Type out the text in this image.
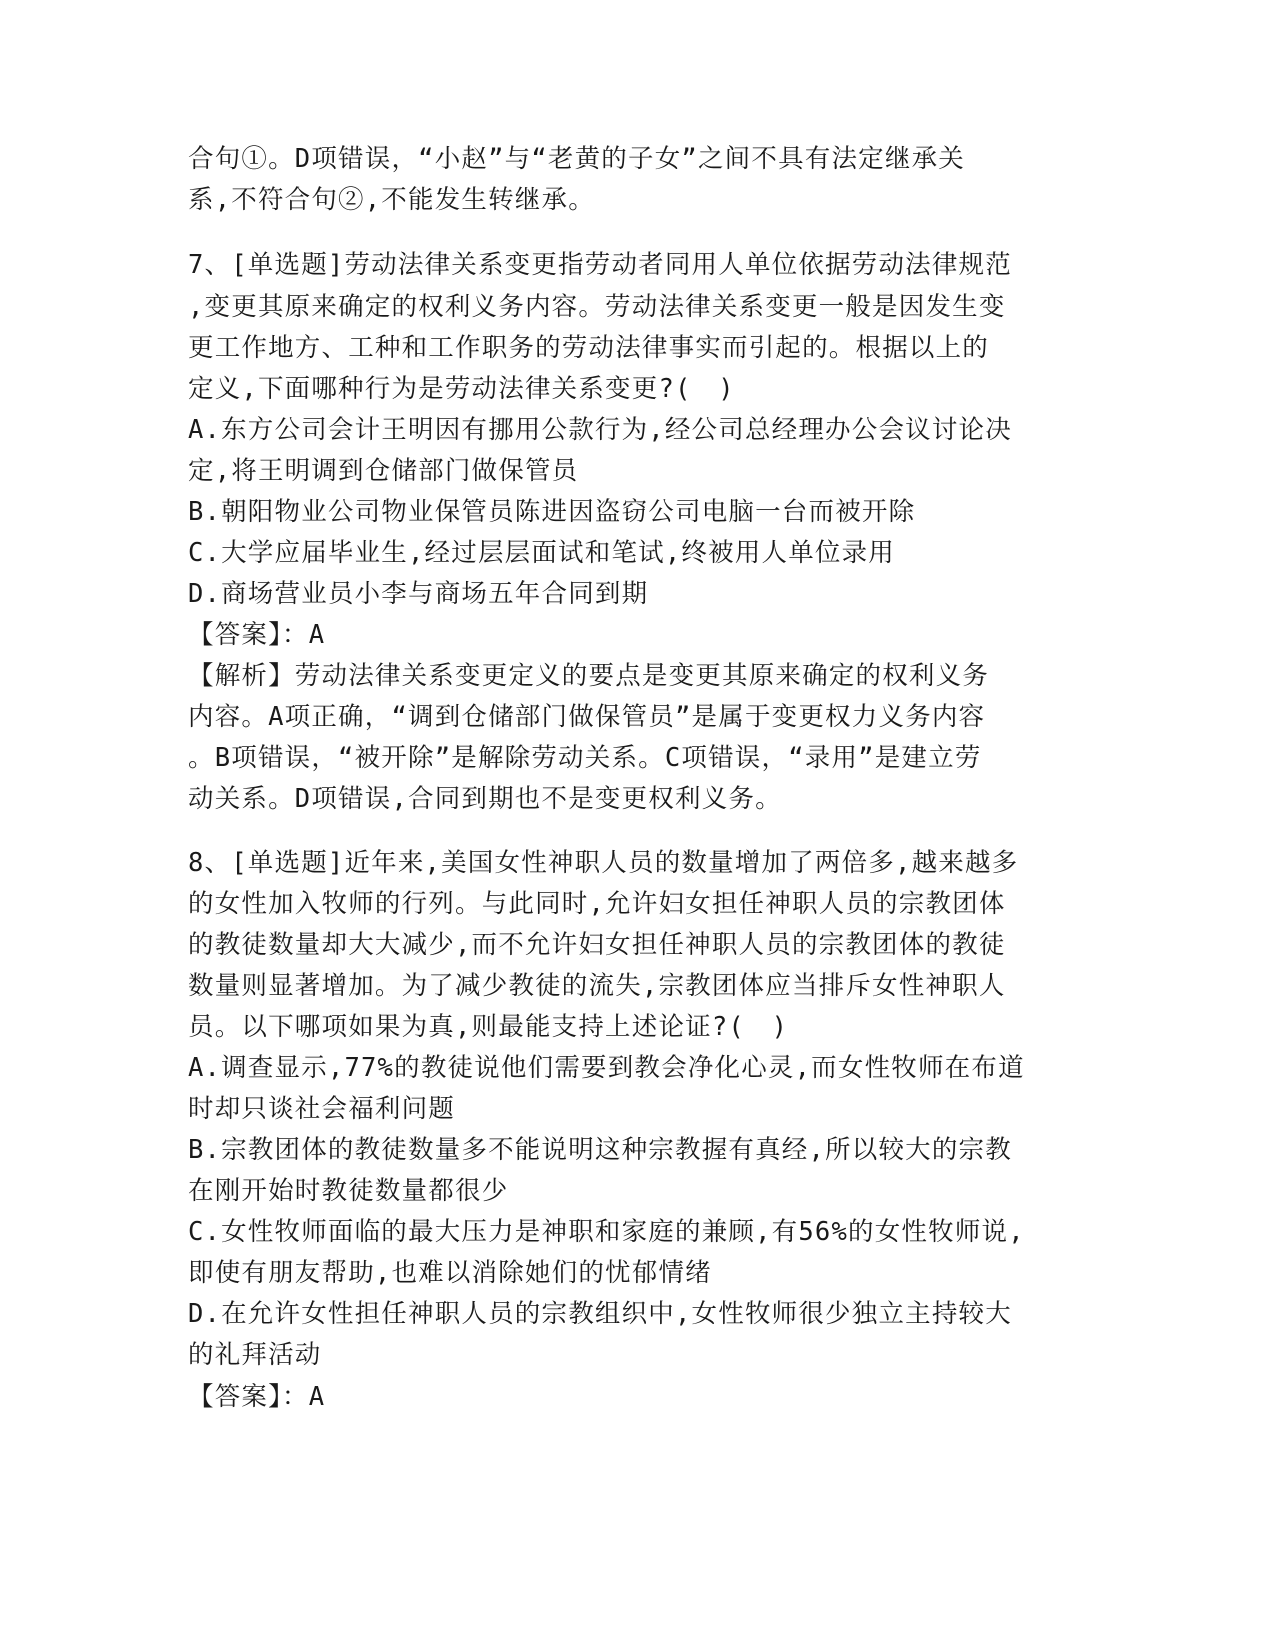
合句①。D项错误，“小赵”与“老黄的子女”之间不具有法定继承关
系,不符合句②,不能发生转继承。
7、[单选题]劳动法律关系变更指劳动者同用人单位依据劳动法律规范
,变更其原来确定的权利义务内容。劳动法律关系变更一般是因发生变
更工作地方、工种和工作职务的劳动法律事实而引起的。根据以上的
定义,下面哪种行为是劳动法律关系变更?(　)
A.东方公司会计王明因有挪用公款行为,经公司总经理办公会议讨论决
定,将王明调到仓储部门做保管员
B.朝阳物业公司物业保管员陈进因盗窃公司电脑一台而被开除
C.大学应届毕业生,经过层层面试和笔试,终被用人单位录用
D.商场营业员小李与商场五年合同到期
【答案】：A
【解析】劳动法律关系变更定义的要点是变更其原来确定的权利义务
内容。A项正确，“调到仓储部门做保管员”是属于变更权力义务内容
。B项错误，“被开除”是解除劳动关系。C项错误，“录用”是建立劳
动关系。D项错误,合同到期也不是变更权利义务。
8、[单选题]近年来,美国女性神职人员的数量增加了两倍多,越来越多
的女性加入牧师的行列。与此同时,允许妇女担任神职人员的宗教团体
的教徒数量却大大减少,而不允许妇女担任神职人员的宗教团体的教徒
数量则显著增加。为了减少教徒的流失,宗教团体应当排斥女性神职人
员。以下哪项如果为真,则最能支持上述论证?(　)
A.调查显示,77%的教徒说他们需要到教会净化心灵,而女性牧师在布道
时却只谈社会福利问题
B.宗教团体的教徒数量多不能说明这种宗教握有真经,所以较大的宗教
在刚开始时教徒数量都很少
C.女性牧师面临的最大压力是神职和家庭的兼顾,有56%的女性牧师说,
即使有朋友帮助,也难以消除她们的忧郁情绪
D.在允许女性担任神职人员的宗教组织中,女性牧师很少独立主持较大
的礼拜活动
【答案】：A
